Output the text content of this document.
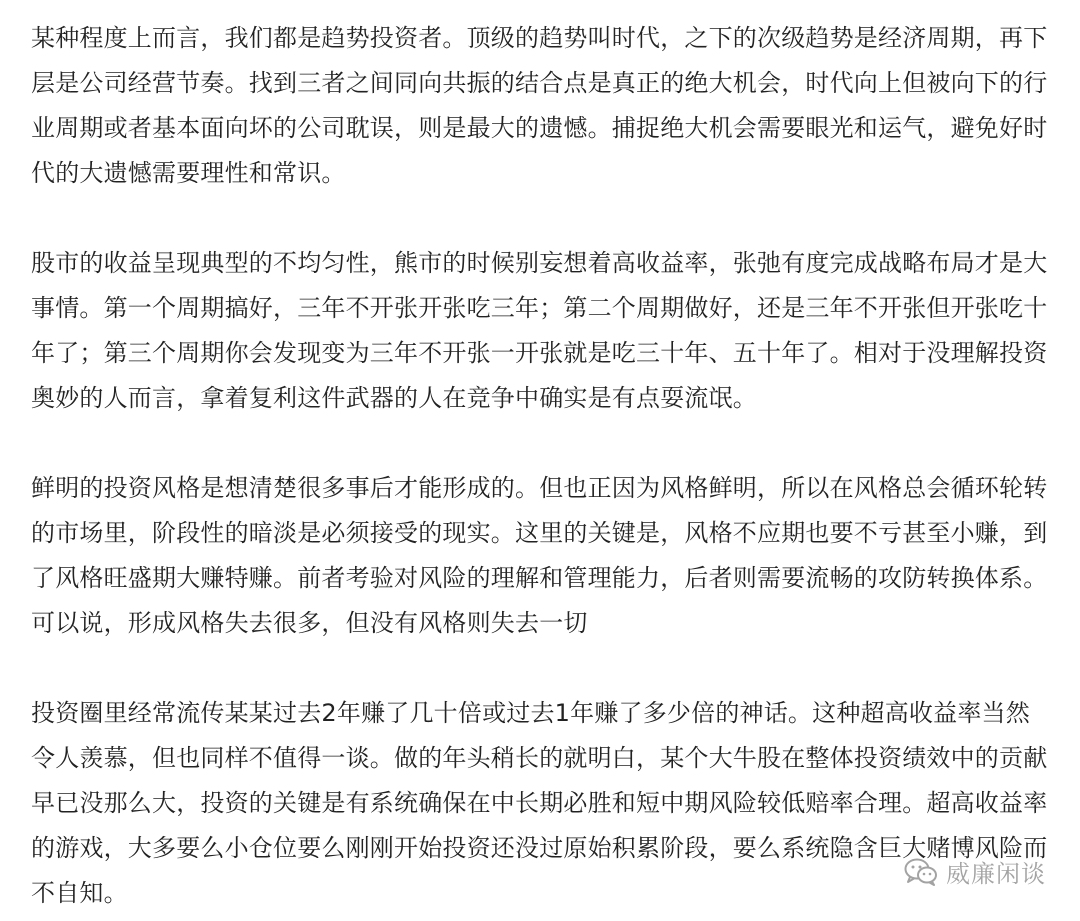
某种程度上而言，我们都是趋势投资者。顶级的趋势叫时代，之下的次级趋势是经济周期，再下层是公司经营节奏。找到三者之间同向共振的结合点是真正的绝大机会，时代向上但被向下的行业周期或者基本面向坏的公司耽误，则是最大的遗憾。捕捉绝大机会需要眼光和运气，避免好时代的大遗憾需要理性和常识。

股市的收益呈现典型的不均匀性，熊市的时候别妄想着高收益率，张弛有度完成战略布局才是大事情。第一个周期搞好，三年不开张开张吃三年；第二个周期做好，还是三年不开张但开张吃十年了；第三个周期你会发现变为三年不开张一开张就是吃三十年、五十年了。相对于没理解投资奥妙的人而言，拿着复利这件武器的人在竞争中确实是有点耍流氓。

鲜明的投资风格是想清楚很多事后才能形成的。但也正因为风格鲜明，所以在风格总会循环轮转的市场里，阶段性的暗淡是必须接受的现实。这里的关键是，风格不应期也要不亏甚至小赚，到了风格旺盛期大赚特赚。前者考验对风险的理解和管理能力，后者则需要流畅的攻防转换体系。可以说，形成风格失去很多，但没有风格则失去一切

投资圈里经常流传某某过去2年赚了几十倍或过去1年赚了多少倍的神话。这种超高收益率当然令人羡慕，但也同样不值得一谈。做的年头稍长的就明白，某个大牛股在整体投资绩效中的贡献早已没那么大，投资的关键是有系统确保在中长期必胜和短中期风险较低赔率合理。超高收益率的游戏，大多要么小仓位要么刚刚开始投资还没过原始积累阶段，要么系统隐含巨大赌博风险而不自知。

威廉闲谈
